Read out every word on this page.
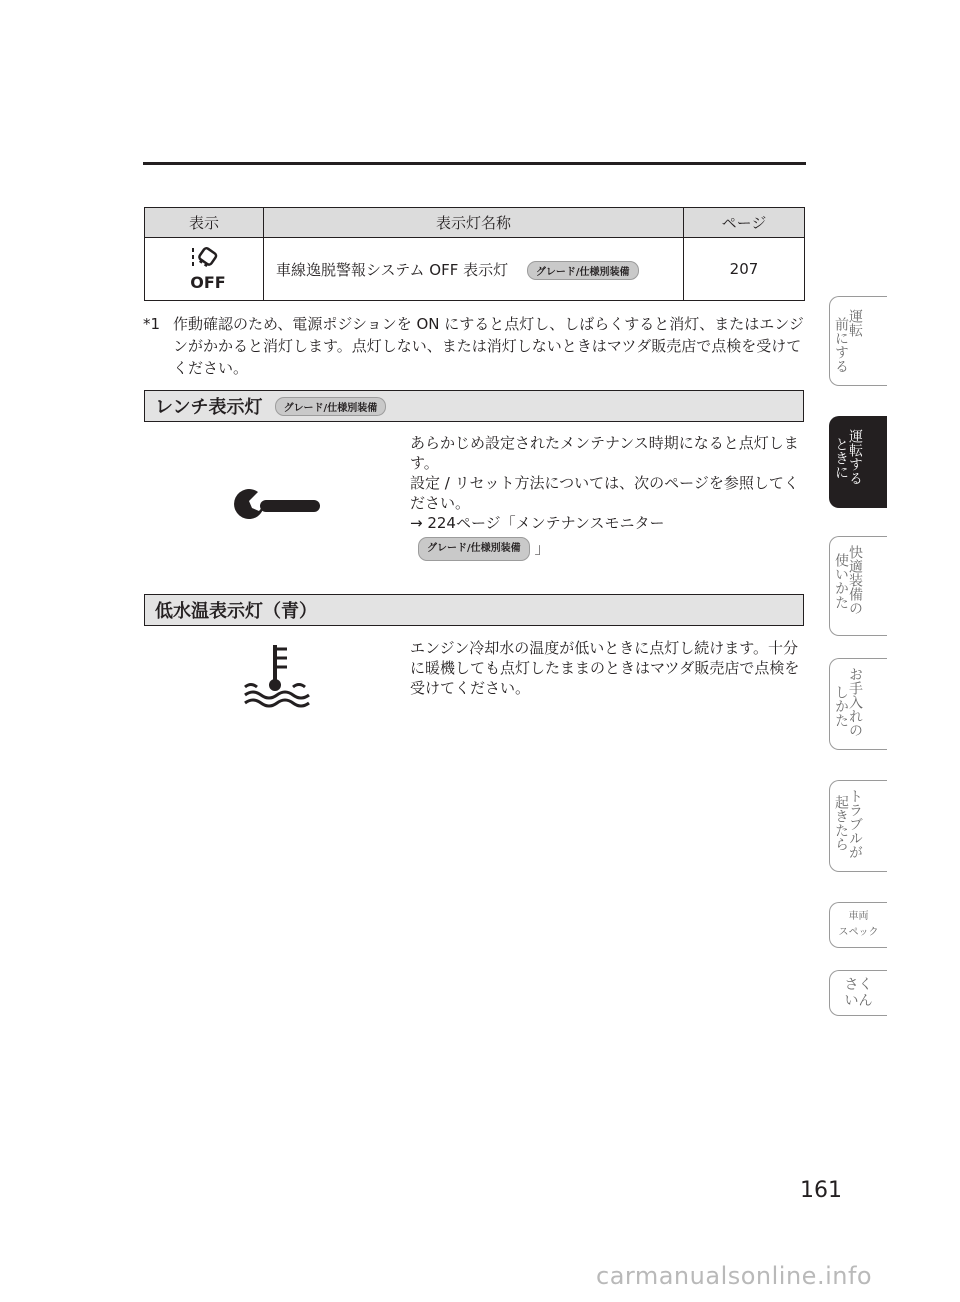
表示	表示灯名称	ページ
	車線逸脱警報システム OFF 表示灯 グレード/仕様別装備	207
OFF
*1 作動確認のため、電源ポジションを ON にすると点灯し、しばらくすると消灯、またはエンジンがかかると消灯します。点灯しない、または消灯しないときはマツダ販売店で点検を受けてください。
レンチ表示灯	グレード/仕様別装備
あらかじめ設定されたメンテナンス時期になると点灯します。
設定 / リセット方法については、次のページを参照してください。
→ 224ページ「メンテナンスモニター
グレード/仕様別装備 」
低水温表示灯（青）
エンジン冷却水の温度が低いときに点灯し続けます。十分に暖機しても点灯したままのときはマツダ販売店で点検を受けてください。
運転
前にする
運転する
ときに
快適装備の
使いかた
お手入れの
しかた
トラブルが
起きたら
車両
スペック
さく
いん
161
carmanualsonline.info
